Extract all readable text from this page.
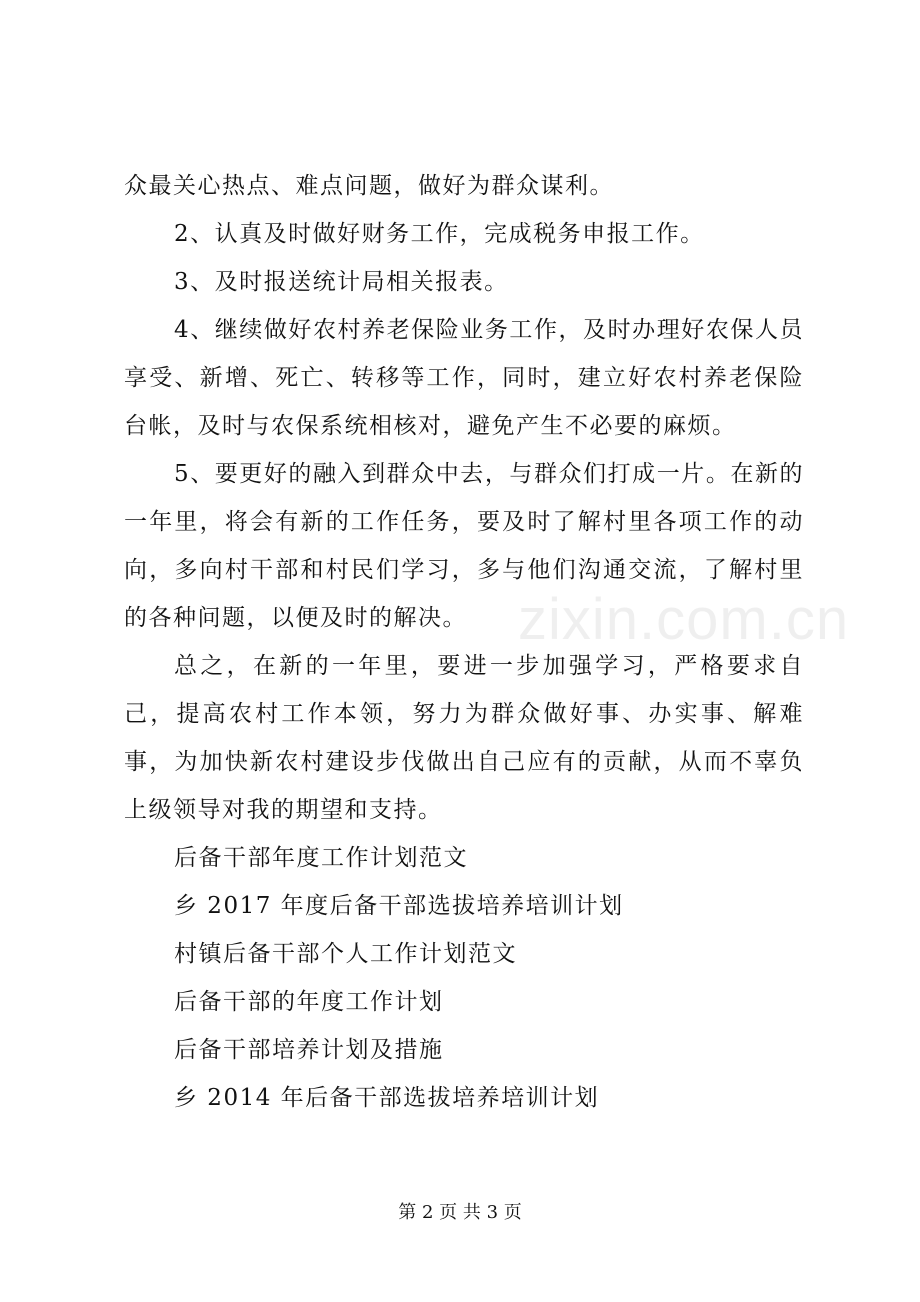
众最关心热点、难点问题，做好为群众谋利。

2、认真及时做好财务工作，完成税务申报工作。

3、及时报送统计局相关报表。

4、继续做好农村养老保险业务工作，及时办理好农保人员享受、新增、死亡、转移等工作，同时，建立好农村养老保险台帐，及时与农保系统相核对，避免产生不必要的麻烦。

5、要更好的融入到群众中去，与群众们打成一片。在新的一年里，将会有新的工作任务，要及时了解村里各项工作的动向，多向村干部和村民们学习，多与他们沟通交流，了解村里的各种问题，以便及时的解决。

总之，在新的一年里，要进一步加强学习，严格要求自己，提高农村工作本领，努力为群众做好事、办实事、解难事，为加快新农村建设步伐做出自己应有的贡献，从而不辜负上级领导对我的期望和支持。

后备干部年度工作计划范文
乡 2017 年度后备干部选拔培养培训计划
村镇后备干部个人工作计划范文
后备干部的年度工作计划
后备干部培养计划及措施
乡 2014 年后备干部选拔培养培训计划
zixin.com.cn
第 2 页 共 3 页
